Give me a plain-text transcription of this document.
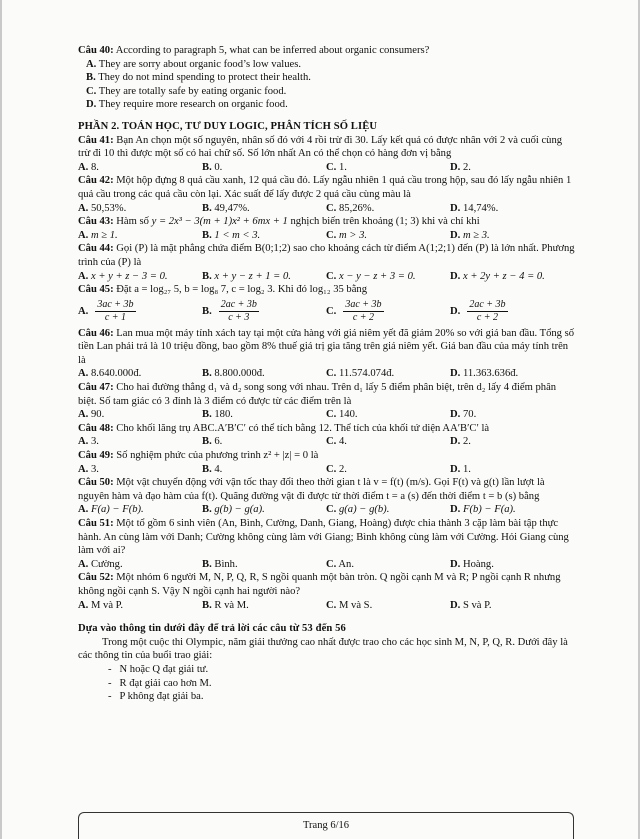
Câu 40: According to paragraph 5, what can be inferred about organic consumers?

A. They are sorry about organic food’s low values.
B. They do not mind spending to protect their health.
C. They are totally safe by eating organic food.
D. They require more research on organic food.
PHẦN 2. TOÁN HỌC, TƯ DUY LOGIC, PHÂN TÍCH SỐ LIỆU

Câu 41: Bạn An chọn một số nguyên, nhân số đó với 4 rồi trừ đi 30. Lấy kết quả có được nhân với 2 và cuối cùng trừ đi 10 thì được một số có hai chữ số. Số lớn nhất An có thể chọn có hàng đơn vị bằng

A. 8.	B. 0.	C. 1.	D. 2.

Câu 42: Một hộp đựng 8 quả cầu xanh, 12 quả cầu đỏ. Lấy ngẫu nhiên 1 quả cầu trong hộp, sau đó lấy ngẫu nhiên 1 quả cầu trong các quả cầu còn lại. Xác suất để lấy được 2 quả cầu cùng màu là

A. 50,53%.	B. 49,47%.	C. 85,26%.	D. 14,74%.

Câu 43: Hàm số y = 2x³ − 3(m + 1)x² + 6mx + 1 nghịch biến trên khoảng (1; 3) khi và chỉ khi

A. m ≥ 1.	B. 1 < m < 3.	C. m > 3.	D. m ≥ 3.

Câu 44: Gọi (P) là mặt phẳng chứa điểm B(0;1;2) sao cho khoảng cách từ điểm A(1;2;1) đến (P) là lớn nhất. Phương trình của (P) là

A. x + y + z − 3 = 0.	B. x + y − z + 1 = 0.	C. x − y − z + 3 = 0.	D. x + 2y + z − 4 = 0.

Câu 45: Đặt a = log₂₇ 5, b = log₈ 7, c = log₂ 3. Khi đó log₁₂ 35 bằng

A. $\frac{3ac + 3b}{c + 1}$	B. $\frac{2ac + 3b}{c + 3}$	C. $\frac{3ac + 3b}{c + 2}$	D. $\frac{2ac + 3b}{c + 2}$

Câu 46: Lan mua một máy tính xách tay tại một cửa hàng với giá niêm yết đã giảm 20% so với giá ban đầu. Tổng số tiền Lan phải trả là 10 triệu đồng, bao gồm 8% thuế giá trị gia tăng trên giá niêm yết. Giá ban đầu của máy tính trên là

A. 8.640.000đ.	B. 8.800.000đ.	C. 11.574.074đ.	D. 11.363.636đ.

Câu 47: Cho hai đường thẳng d₁ và d₂ song song với nhau. Trên d₁ lấy 5 điểm phân biệt, trên d₂ lấy 4 điểm phân biệt. Số tam giác có 3 đỉnh là 3 điểm có được từ các điểm trên là

A. 90.	B. 180.	C. 140.	D. 70.

Câu 48: Cho khối lăng trụ ABC.A′B′C′ có thể tích bằng 12. Thể tích của khối tứ diện AA′B′C′ là

A. 3.	B. 6.	C. 4.	D. 2.

Câu 49: Số nghiệm phức của phương trình z² + |z| = 0 là

A. 3.	B. 4.	C. 2.	D. 1.

Câu 50: Một vật chuyển động với vận tốc thay đổi theo thời gian t là v = f(t) (m/s). Gọi F(t) và g(t) lần lượt là nguyên hàm và đạo hàm của f(t). Quãng đường vật đi được từ thời điểm t = a (s) đến thời điểm t = b (s) bằng

A. F(a) − F(b).	B. g(b) − g(a).	C. g(a) − g(b).	D. F(b) − F(a).

Câu 51: Một tổ gồm 6 sinh viên (An, Bình, Cường, Danh, Giang, Hoàng) được chia thành 3 cặp làm bài tập thực hành. An cùng làm với Danh; Cường không cùng làm với Giang; Bình không cùng làm với Cường. Hỏi Giang cùng làm với ai?

A. Cường.	B. Bình.	C. An.	D. Hoàng.

Câu 52: Một nhóm 6 người M, N, P, Q, R, S ngồi quanh một bàn tròn. Q ngồi cạnh M và R; P ngồi cạnh R nhưng không ngồi cạnh S. Vậy N ngồi cạnh hai người nào?

A. M và P.	B. R và M.	C. M và S.	D. S và P.
Dựa vào thông tin dưới đây để trả lời các câu từ 53 đến 56

Trong một cuộc thi Olympic, năm giải thưởng cao nhất được trao cho các học sinh M, N, P, Q, R. Dưới đây là các thông tin của buổi trao giải:

-   N hoặc Q đạt giải tư.
-   R đạt giải cao hơn M.
-   P không đạt giải ba.
Trang 6/16
